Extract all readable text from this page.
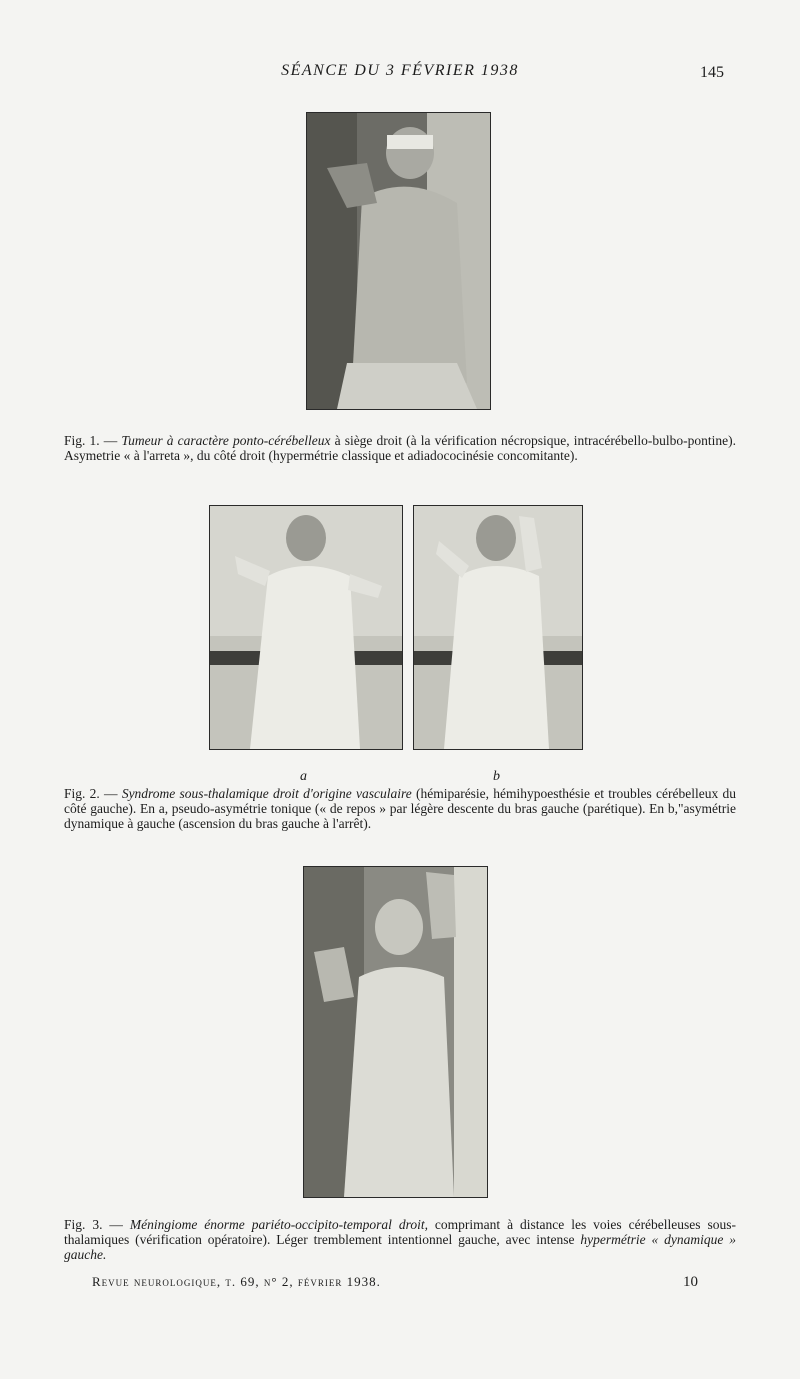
SÉANCE DU 3 FÉVRIER 1938	145
Fig. 1. — Tumeur à caractère ponto-cérébelleux à siège droit (à la vérification nécropsique, intracérébello-bulbo-pontine). Asymetrie « à l'arreta », du côté droit (hypermétrie classique et adiadococinésie concomitante).
a	b
Fig. 2. — Syndrome sous-thalamique droit d'origine vasculaire (hémiparésie, hémihypoesthésie et troubles cérébelleux du côté gauche). En a, pseudo-asymétrie tonique (« de repos » par légère descente du bras gauche (parétique). En b,"asymétrie dynamique à gauche (ascension du bras gauche à l'arrêt).
Fig. 3. — Méningiome énorme pariéto-occipito-temporal droit, comprimant à distance les voies cérébelleuses sous-thalamiques (vérification opératoire). Léger tremblement intentionnel gauche, avec intense hypermétrie « dynamique » gauche.
Revue neurologique, t. 69, n° 2, février 1938.	10
